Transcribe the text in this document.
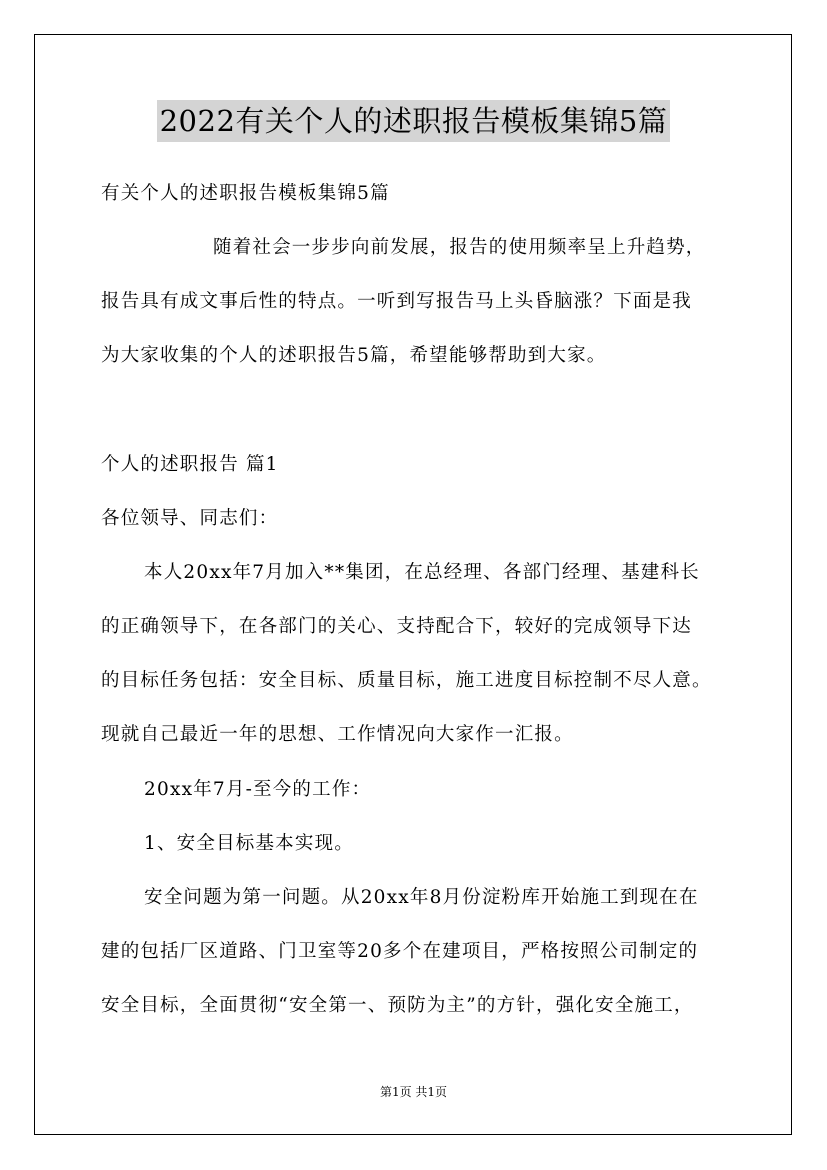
2022有关个人的述职报告模板集锦5篇
有关个人的述职报告模板集锦5篇
随着社会一步步向前发展，报告的使用频率呈上升趋势，
报告具有成文事后性的特点。一听到写报告马上头昏脑涨？下面是我
为大家收集的个人的述职报告5篇，希望能够帮助到大家。
个人的述职报告 篇1
各位领导、同志们：
本人20xx年7月加入**集团，在总经理、各部门经理、基建科长
的正确领导下，在各部门的关心、支持配合下，较好的完成领导下达
的目标任务包括：安全目标、质量目标，施工进度目标控制不尽人意。
现就自己最近一年的思想、工作情况向大家作一汇报。
20xx年7月-至今的工作：
1、安全目标基本实现。
安全问题为第一问题。从20xx年8月份淀粉库开始施工到现在在
建的包括厂区道路、门卫室等20多个在建项目，严格按照公司制定的
安全目标，全面贯彻“安全第一、预防为主”的方针，强化安全施工，
第1页 共1页
